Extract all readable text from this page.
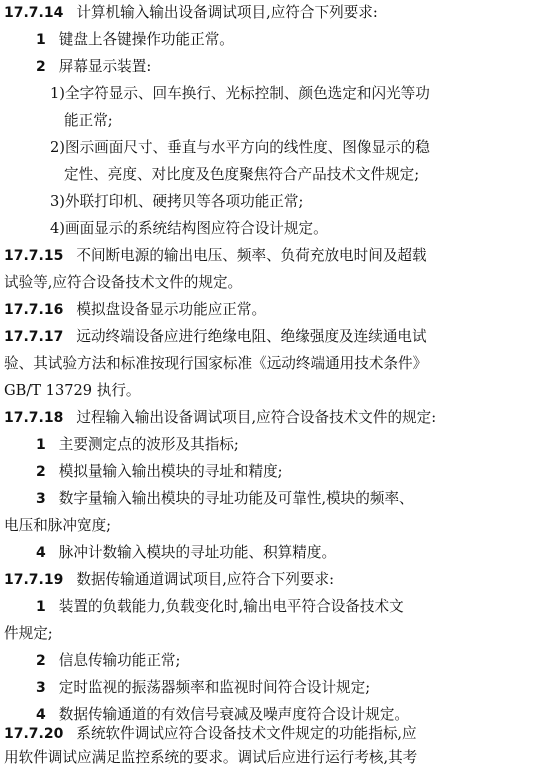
17.7.14 计算机输入输出设备调试项目,应符合下列要求:
1 键盘上各键操作功能正常。
2 屏幕显示装置:
1)全字符显示、回车换行、光标控制、颜色选定和闪光等功
能正常;
2)图示画面尺寸、垂直与水平方向的线性度、图像显示的稳
定性、亮度、对比度及色度聚焦符合产品技术文件规定;
3)外联打印机、硬拷贝等各项功能正常;
4)画面显示的系统结构图应符合设计规定。
17.7.15 不间断电源的输出电压、频率、负荷充放电时间及超载
试验等,应符合设备技术文件的规定。
17.7.16 模拟盘设备显示功能应正常。
17.7.17 远动终端设备应进行绝缘电阻、绝缘强度及连续通电试
验、其试验方法和标准按现行国家标准《远动终端通用技术条件》
GB/T 13729 执行。
17.7.18 过程输入输出设备调试项目,应符合设备技术文件的规定:
1 主要测定点的波形及其指标;
2 模拟量输入输出模块的寻址和精度;
3 数字量输入输出模块的寻址功能及可靠性,模块的频率、
电压和脉冲宽度;
4 脉冲计数输入模块的寻址功能、积算精度。
17.7.19 数据传输通道调试项目,应符合下列要求:
1 装置的负载能力,负载变化时,输出电平符合设备技术文
件规定;
2 信息传输功能正常;
3 定时监视的振荡器频率和监视时间符合设计规定;
4 数据传输通道的有效信号衰减及噪声度符合设计规定。
17.7.20 系统软件调试应符合设备技术文件规定的功能指标,应
用软件调试应满足监控系统的要求。调试后应进行运行考核,其考
